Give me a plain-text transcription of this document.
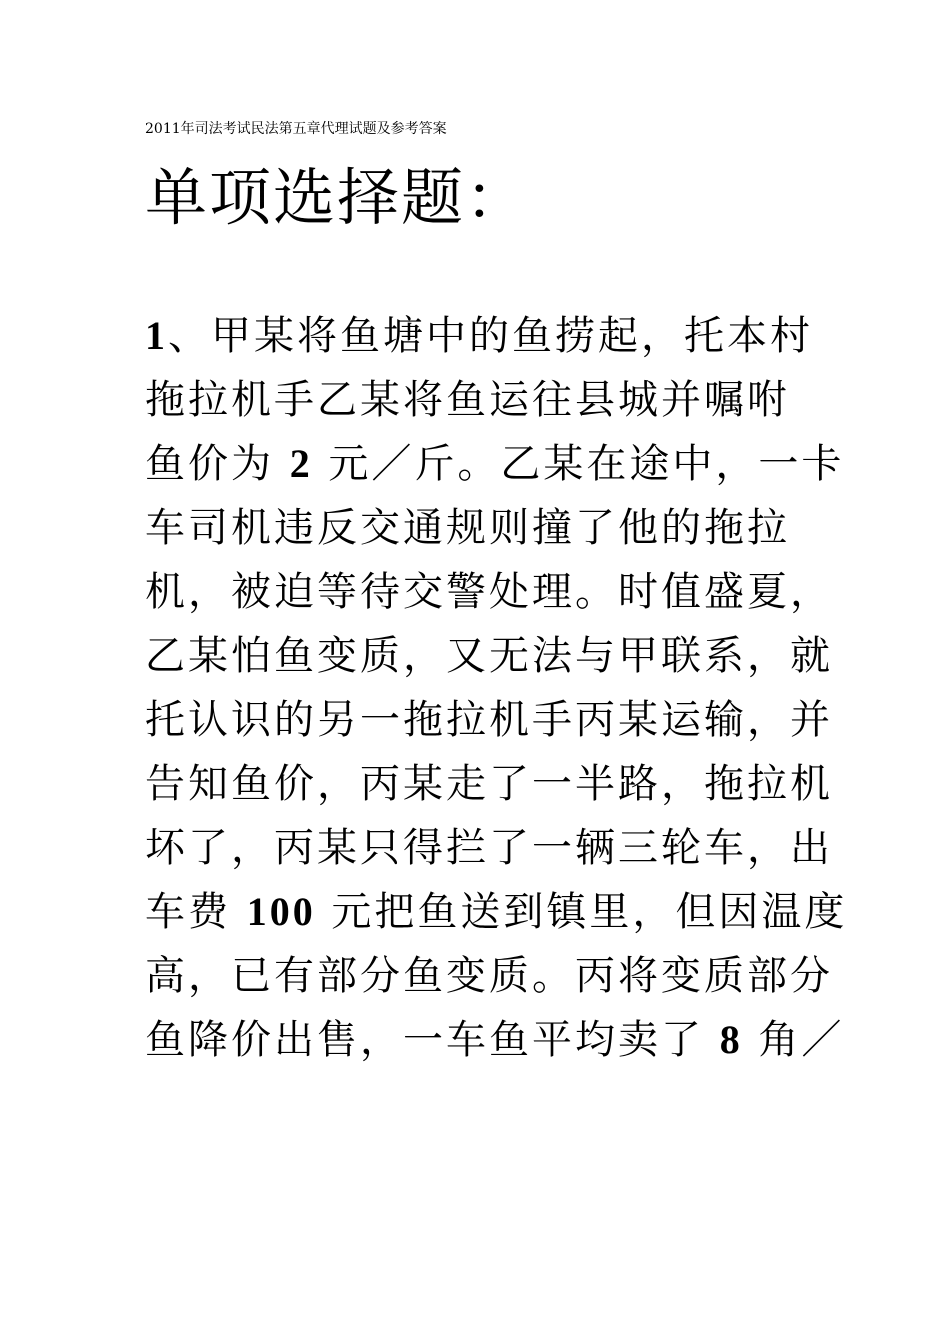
2011年司法考试民法第五章代理试题及参考答案
单项选择题：
1、甲某将鱼塘中的鱼捞起，托本村
拖拉机手乙某将鱼运往县城并嘱咐
鱼价为 2 元／斤。乙某在途中，一卡
车司机违反交通规则撞了他的拖拉
机，被迫等待交警处理。时值盛夏，
乙某怕鱼变质，又无法与甲联系，就
托认识的另一拖拉机手丙某运输，并
告知鱼价，丙某走了一半路，拖拉机
坏了，丙某只得拦了一辆三轮车，出
车费 100 元把鱼送到镇里，但因温度
高，已有部分鱼变质。丙将变质部分
鱼降价出售，一车鱼平均卖了 8 角／
